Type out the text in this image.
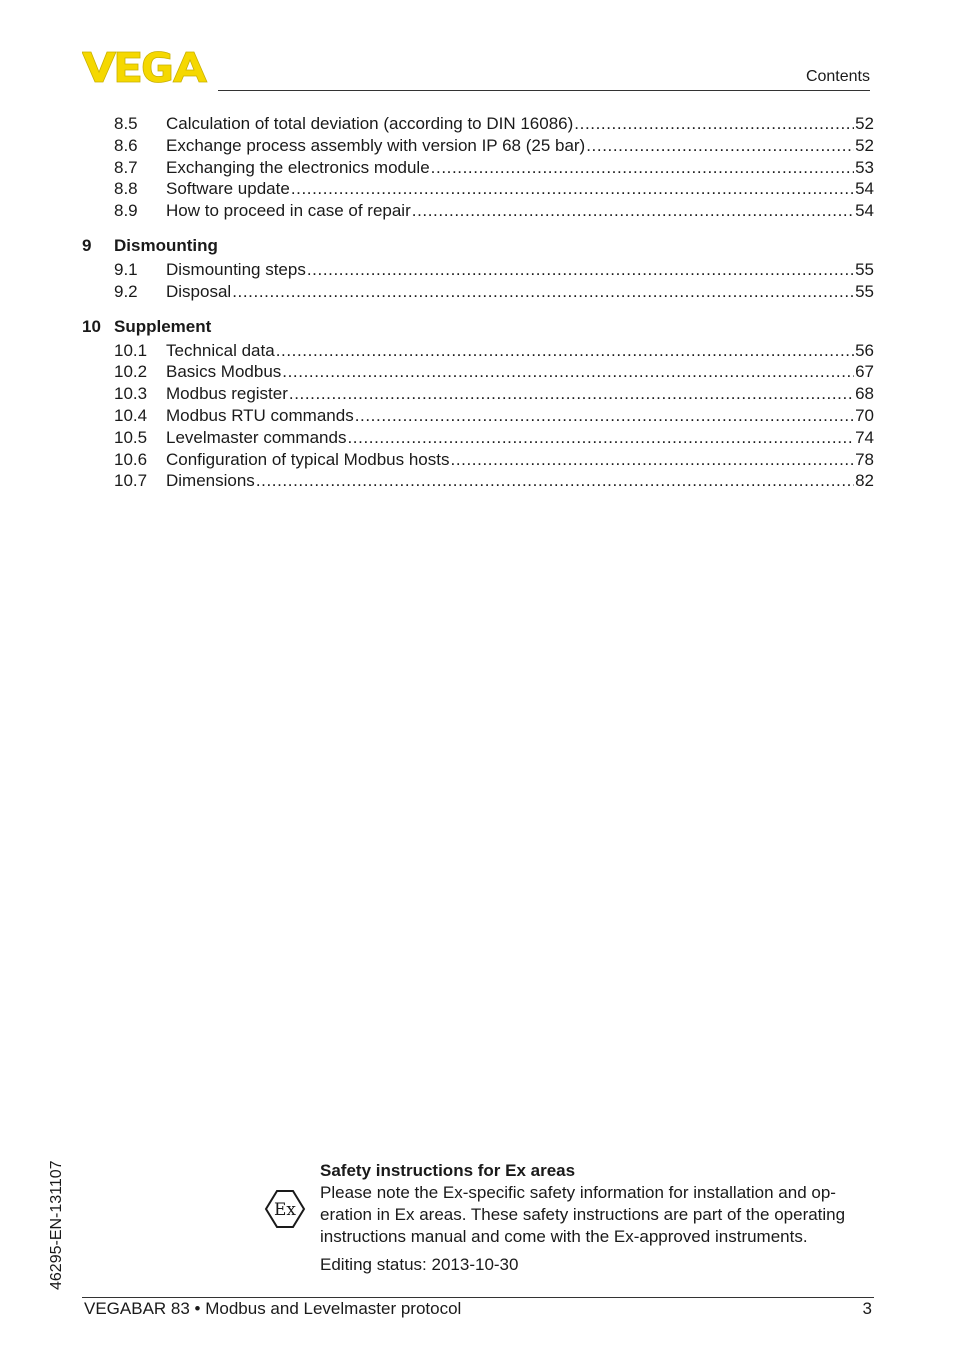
Contents
8.5	Calculation of total deviation (according to DIN 16086) .....	52
8.6	Exchange process assembly with version IP 68 (25 bar) .....	52
8.7	Exchanging the electronics module .....	53
8.8	Software update .....	54
8.9	How to proceed in case of repair .....	54
9	Dismounting
9.1	Dismounting steps .....	55
9.2	Disposal .....	55
10 Supplement
10.1	Technical data .....	56
10.2	Basics Modbus .....	67
10.3	Modbus register .....	68
10.4	Modbus RTU commands .....	70
10.5	Levelmaster commands .....	74
10.6	Configuration of typical Modbus hosts .....	78
10.7	Dimensions .....	82
46295-EN-131107	Ex
Safety instructions for Ex areas

Please note the Ex-specific safety information for installation and op-eration in Ex areas. These safety instructions are part of the operating instructions manual and come with the Ex-approved instruments.

Editing status: 2013-10-30
VEGABAR 83 • Modbus and Levelmaster protocol	3
